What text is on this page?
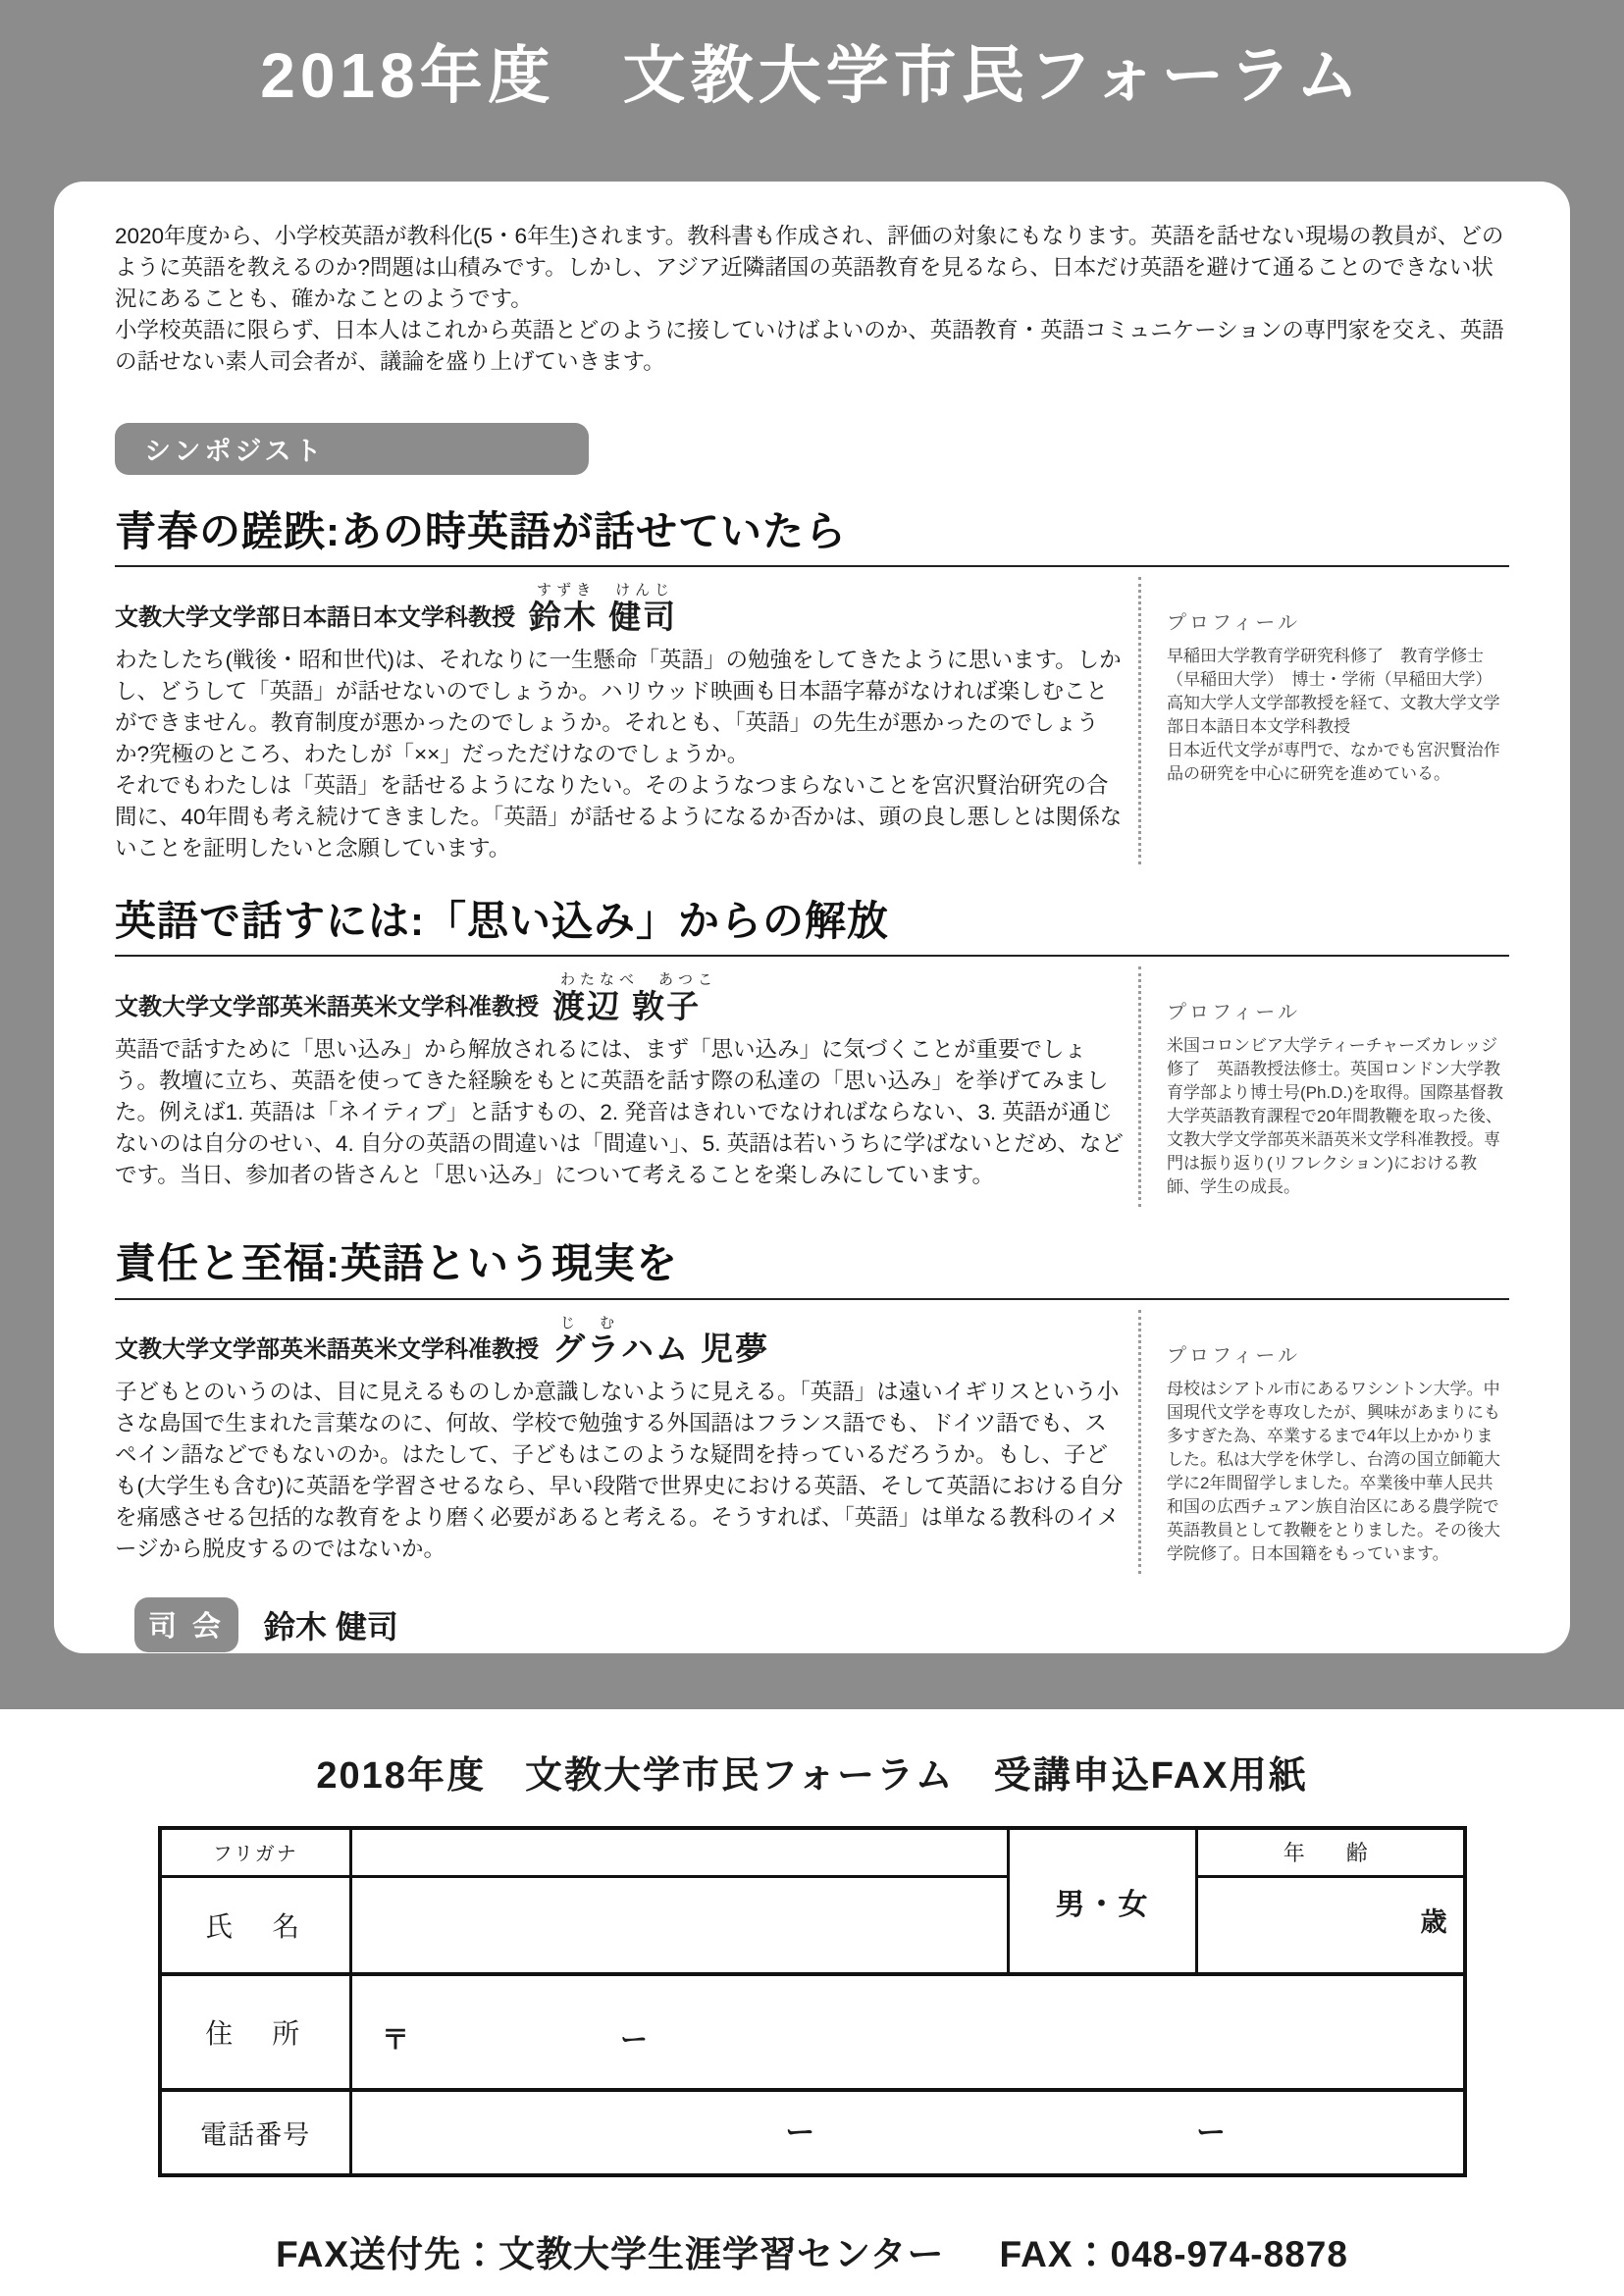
2018年度　文教大学市民フォーラム

2020年度から、小学校英語が教科化(5・6年生)されます。教科書も作成され、評価の対象にもなります。英語を話せない現場の教員が、どのように英語を教えるのか?問題は山積みです。しかし、アジア近隣諸国の英語教育を見るなら、日本だけ英語を避けて通ることのできない状況にあることも、確かなことのようです。

小学校英語に限らず、日本人はこれから英語とどのように接していけばよいのか、英語教育・英語コミュニケーションの専門家を交え、英語の話せない素人司会者が、議論を盛り上げていきます。

シンポジスト
青春の蹉跌:あの時英語が話せていたら
文教大学文学部日本語日本文学科教授
すずき　けんじ
鈴木 健司

わたしたち(戦後・昭和世代)は、それなりに一生懸命「英語」の勉強をしてきたように思います。しかし、どうして「英語」が話せないのでしょうか。ハリウッド映画も日本語字幕がなければ楽しむことができません。教育制度が悪かったのでしょうか。それとも、「英語」の先生が悪かったのでしょうか?究極のところ、わたしが「××」だっただけなのでしょうか。

それでもわたしは「英語」を話せるようになりたい。そのようなつまらないことを宮沢賢治研究の合間に、40年間も考え続けてきました。「英語」が話せるようになるか否かは、頭の良し悪しとは関係ないことを証明したいと念願しています。

プロフィール

早稲田大学教育学研究科修了　教育学修士（早稲田大学）　博士・学術（早稲田大学）

高知大学人文学部教授を経て、文教大学文学部日本語日本文学科教授

日本近代文学が専門で、なかでも宮沢賢治作品の研究を中心に研究を進めている。

英語で話すには:「思い込み」からの解放
文教大学文学部英米語英米文学科准教授
わたなべ　あつこ
渡辺 敦子

英語で話すために「思い込み」から解放されるには、まず「思い込み」に気づくことが重要でしょう。教壇に立ち、英語を使ってきた経験をもとに英語を話す際の私達の「思い込み」を挙げてみました。例えば1. 英語は「ネイティブ」と話すもの、2. 発音はきれいでなければならない、3. 英語が通じないのは自分のせい、4. 自分の英語の間違いは「間違い」、5. 英語は若いうちに学ばないとだめ、などです。当日、参加者の皆さんと「思い込み」について考えることを楽しみにしています。

プロフィール

米国コロンビア大学ティーチャーズカレッジ修了　英語教授法修士。英国ロンドン大学教育学部より博士号(Ph.D.)を取得。国際基督教大学英語教育課程で20年間教鞭を取った後、文教大学文学部英米語英米文学科准教授。専門は振り返り(リフレクション)における教師、学生の成長。

責任と至福:英語という現実を
文教大学文学部英米語英米文学科准教授
じ　む
グラハム 児夢

子どもとのいうのは、目に見えるものしか意識しないように見える。「英語」は遠いイギリスという小さな島国で生まれた言葉なのに、何故、学校で勉強する外国語はフランス語でも、ドイツ語でも、スペイン語などでもないのか。はたして、子どもはこのような疑問を持っているだろうか。もし、子ども(大学生も含む)に英語を学習させるなら、早い段階で世界史における英語、そして英語における自分を痛感させる包括的な教育をより磨く必要があると考える。そうすれば、「英語」は単なる教科のイメージから脱皮するのではないか。

プロフィール

母校はシアトル市にあるワシントン大学。中国現代文学を専攻したが、興味があまりにも多すぎた為、卒業するまで4年以上かかりました。私は大学を休学し、台湾の国立師範大学に2年間留学しました。卒業後中華人民共和国の広西チュアン族自治区にある農学院で英語教員として教鞭をとりました。その後大学院修了。日本国籍をもっています。

司 会	鈴木 健司
2018年度　文教大学市民フォーラム　受講申込FAX用紙
フリガナ		男・女	年　齢
氏　名			歳
住　所	〒 ー		

電話番号	ー ー		
FAX送付先：文教大学生涯学習センター FAX：048-974-8878
